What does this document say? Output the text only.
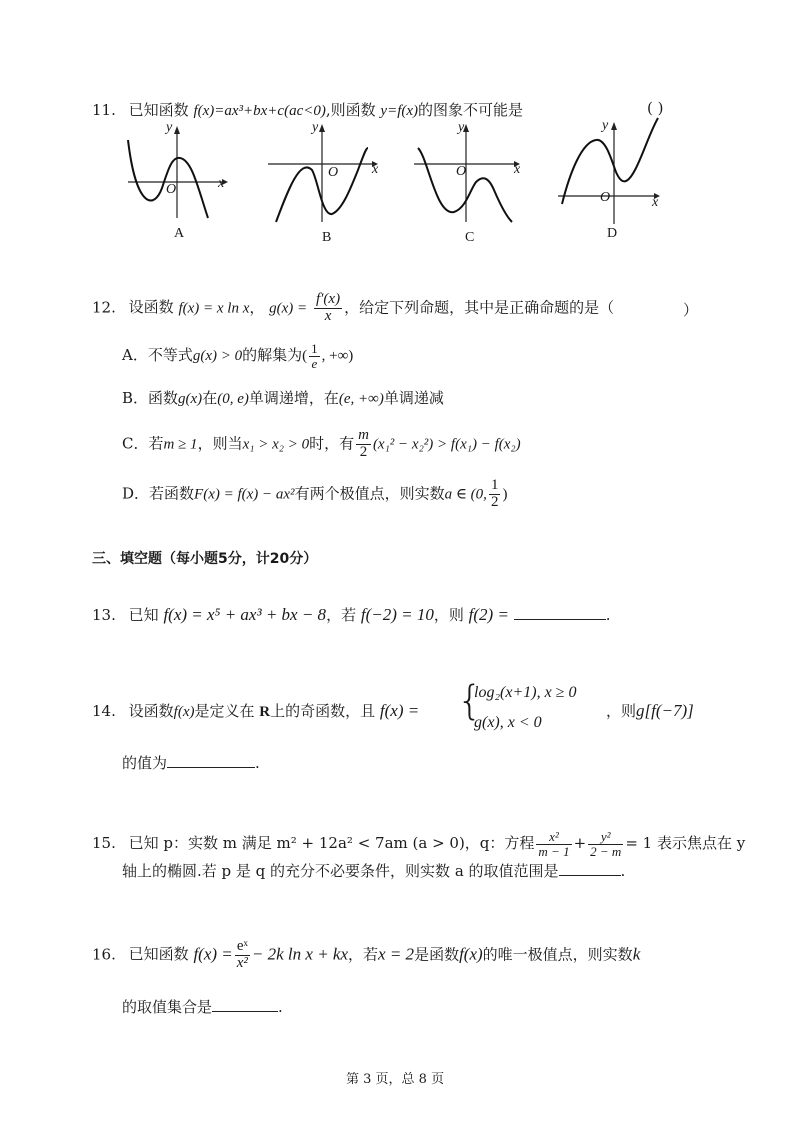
11. 已知函数 f(x)=ax³+bx+c(ac<0),则函数 y=f(x)的图象不可能是	( )
y
x
O
A
y
x
O
B
y
x
O
C
y
x
O
D
12. 设函数 f(x) = x ln x， $g(x) = \frac{f'(x)}{x}$ ，给定下列命题，其中是正确命题的是（	）
A．不等式g(x) > 0的解集为( $\frac{1}{e}$ , +∞)
B．函数g(x)在(0, e)单调递增，在(e, +∞)单调递减
C．若m ≥ 1，则当x₁ > x₂ > 0时，有 $\frac{m}{2} (x_1^2 - x_2^2) > f(x_1) - f(x_2)$
D．若函数F(x) = f(x) − ax²有两个极值点，则实数a ∈ (0, $\frac{1}{2}$ )
三、填空题（每小题5分，计20分）
13. 已知 f(x) = x⁵ + ax³ + bx − 8，若 f(−2) = 10，则 f(2) =	.
14. 设函数f(x)是定义在 R上的奇函数，且 f(x) = {
log₂(x+1), x ≥ 0
g(x), x < 0
，则g[f(−7)]
的值为	.
15. 已知 p：实数 m 满足 m² + 12a² < 7am (a > 0)，q：方程 $\frac{\text{x²}}{m - 1} + \frac{\text{y²}}{2 - m} = 1$ 表示焦点在 y
轴上的椭圆.若 p 是 q 的充分不必要条件，则实数 a 的取值范围是	.
16. 已知函数 $f(x) = \frac{\text{eˣ}}{\text{x²}} - 2k$ ln x + kx，若x = 2是函数f(x)的唯一极值点，则实数k
的取值集合是	.
第 3 页，总 8 页
